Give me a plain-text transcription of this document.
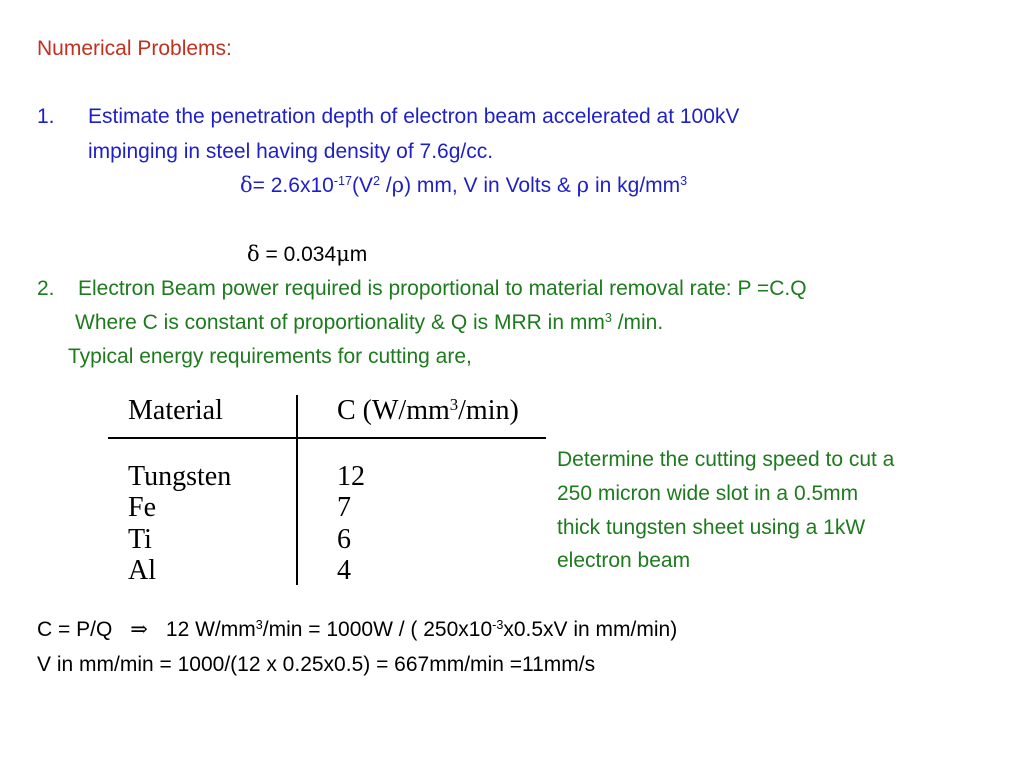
Numerical Problems:
1. Estimate the penetration depth of electron beam accelerated at 100kV
impinging in steel having density of 7.6g/cc.
$\delta= 2.6x10^{-17}(V^2$ /ρ) mm, V in Volts & ρ in $kg/mm^3$
δ = 0.034μm
2. Electron Beam power required is proportional to material removal rate: P =C.Q
Where C is constant of proportionality & Q is MRR in $mm^3$ /min.
Typical energy requirements for cutting are,
Material	C $(W/mm^3/\min)$
Tungsten	12
Fe	7
Ti	6
Al	4
Determine the cutting speed to cut a
250 micron wide slot in a 0.5mm
thick tungsten sheet using a 1kW
electron beam
C = P/Q ⇒ 12 $W/mm^3/\min = 1000W$ / ( $250x10^{-3}x0.5xV$ in mm/min)
V in mm/min = 1000/(12 x 0.25x0.5) = 667mm/min =11mm/s
